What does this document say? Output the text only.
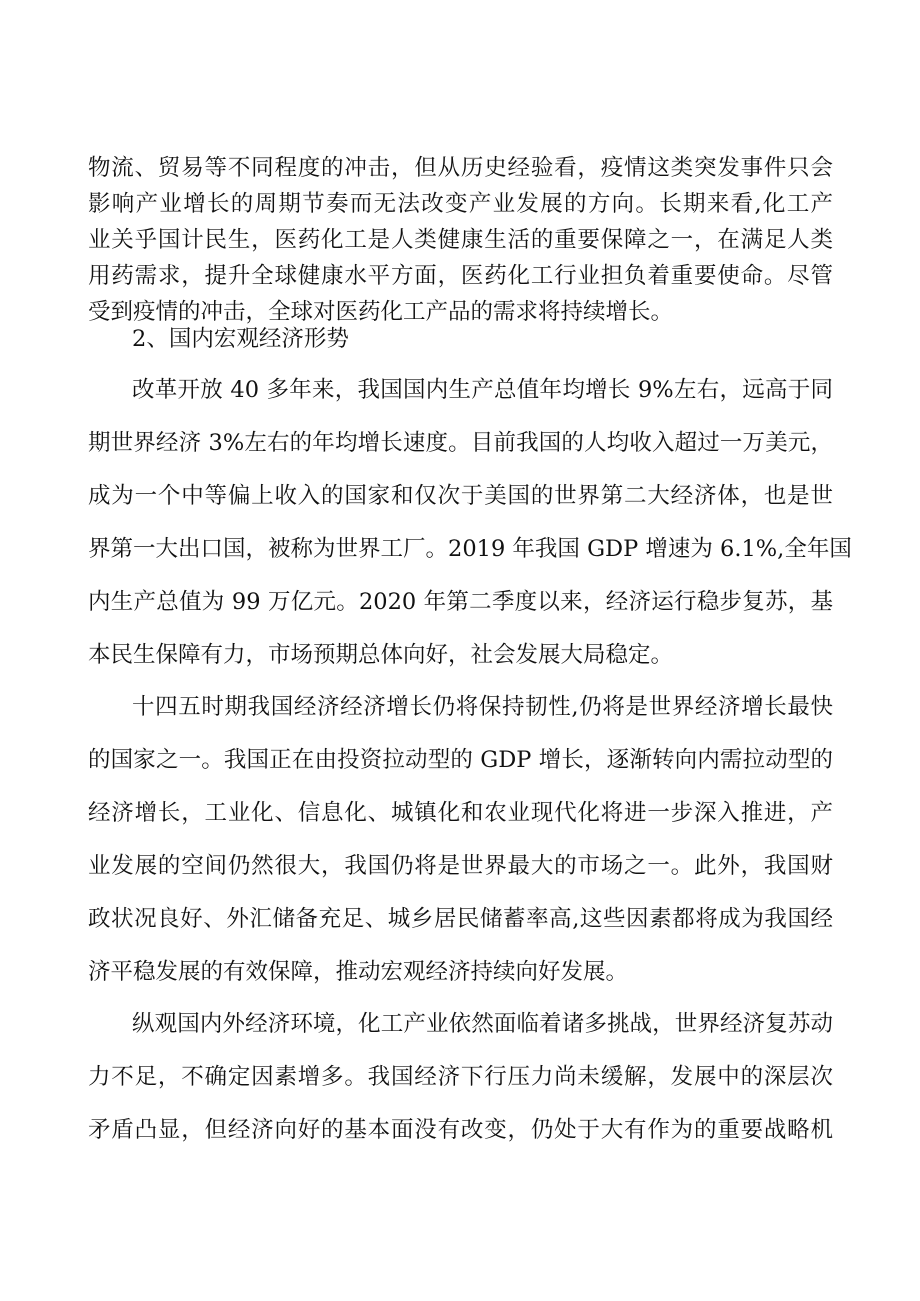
物流、贸易等不同程度的冲击，但从历史经验看，疫情这类突发事件只会

影响产业增长的周期节奏而无法改变产业发展的方向。长期来看,化工产

业关乎国计民生，医药化工是人类健康生活的重要保障之一，在满足人类

用药需求，提升全球健康水平方面，医药化工行业担负着重要使命。尽管

受到疫情的冲击，全球对医药化工产品的需求将持续增长。

2、国内宏观经济形势

改革开放 40 多年来，我国国内生产总值年均增长 9%左右，远高于同

期世界经济 3%左右的年均增长速度。目前我国的人均收入超过一万美元，

成为一个中等偏上收入的国家和仅次于美国的世界第二大经济体，也是世

界第一大出口国，被称为世界工厂。2019 年我国 GDP 增速为 6.1%,全年国

内生产总值为 99 万亿元。2020 年第二季度以来，经济运行稳步复苏，基

本民生保障有力，市场预期总体向好，社会发展大局稳定。

十四五时期我国经济经济增长仍将保持韧性,仍将是世界经济增长最快

的国家之一。我国正在由投资拉动型的 GDP 增长，逐渐转向内需拉动型的

经济增长，工业化、信息化、城镇化和农业现代化将进一步深入推进，产

业发展的空间仍然很大，我国仍将是世界最大的市场之一。此外，我国财

政状况良好、外汇储备充足、城乡居民储蓄率高,这些因素都将成为我国经

济平稳发展的有效保障，推动宏观经济持续向好发展。

纵观国内外经济环境，化工产业依然面临着诸多挑战，世界经济复苏动

力不足，不确定因素增多。我国经济下行压力尚未缓解，发展中的深层次

矛盾凸显，但经济向好的基本面没有改变，仍处于大有作为的重要战略机
